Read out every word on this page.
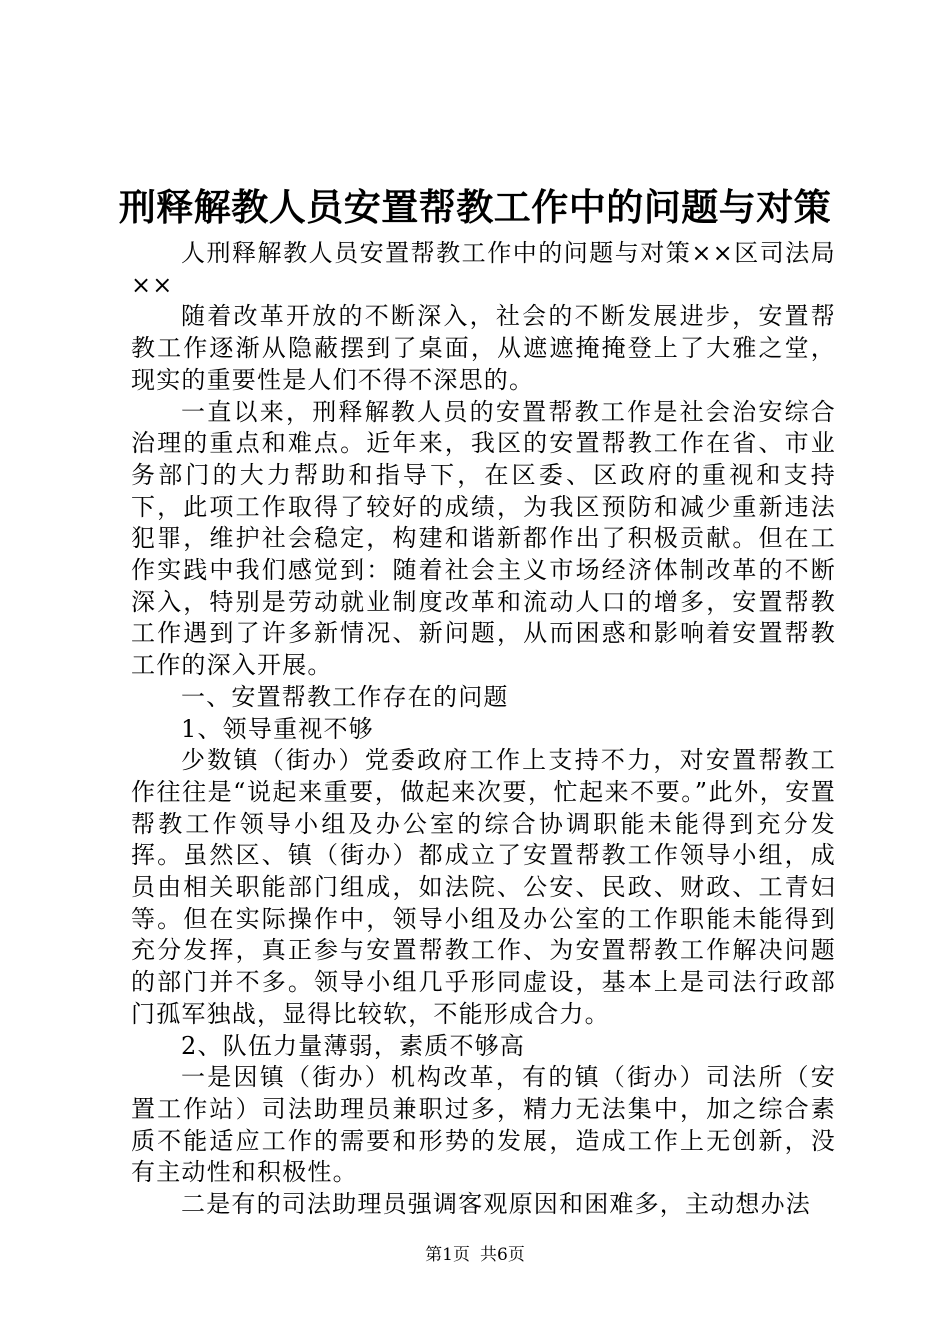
刑释解教人员安置帮教工作中的问题与对策

人刑释解教人员安置帮教工作中的问题与对策××区司法局××

随着改革开放的不断深入，社会的不断发展进步，安置帮教工作逐渐从隐蔽摆到了桌面，从遮遮掩掩登上了大雅之堂，现实的重要性是人们不得不深思的。

一直以来，刑释解教人员的安置帮教工作是社会治安综合治理的重点和难点。近年来，我区的安置帮教工作在省、市业务部门的大力帮助和指导下，在区委、区政府的重视和支持下，此项工作取得了较好的成绩，为我区预防和减少重新违法犯罪，维护社会稳定，构建和谐新都作出了积极贡献。但在工作实践中我们感觉到：随着社会主义市场经济体制改革的不断深入，特别是劳动就业制度改革和流动人口的增多，安置帮教工作遇到了许多新情况、新问题，从而困惑和影响着安置帮教工作的深入开展。

一、安置帮教工作存在的问题

1、领导重视不够

少数镇（街办）党委政府工作上支持不力，对安置帮教工作往往是“说起来重要，做起来次要，忙起来不要。”此外，安置帮教工作领导小组及办公室的综合协调职能未能得到充分发挥。虽然区、镇（街办）都成立了安置帮教工作领导小组，成员由相关职能部门组成，如法院、公安、民政、财政、工青妇等。但在实际操作中，领导小组及办公室的工作职能未能得到充分发挥，真正参与安置帮教工作、为安置帮教工作解决问题的部门并不多。领导小组几乎形同虚设，基本上是司法行政部门孤军独战，显得比较软，不能形成合力。

2、队伍力量薄弱，素质不够高

一是因镇（街办）机构改革，有的镇（街办）司法所（安置工作站）司法助理员兼职过多，精力无法集中，加之综合素质不能适应工作的需要和形势的发展，造成工作上无创新，没有主动性和积极性。

二是有的司法助理员强调客观原因和困难多，主动想办法

第1页 共6页
